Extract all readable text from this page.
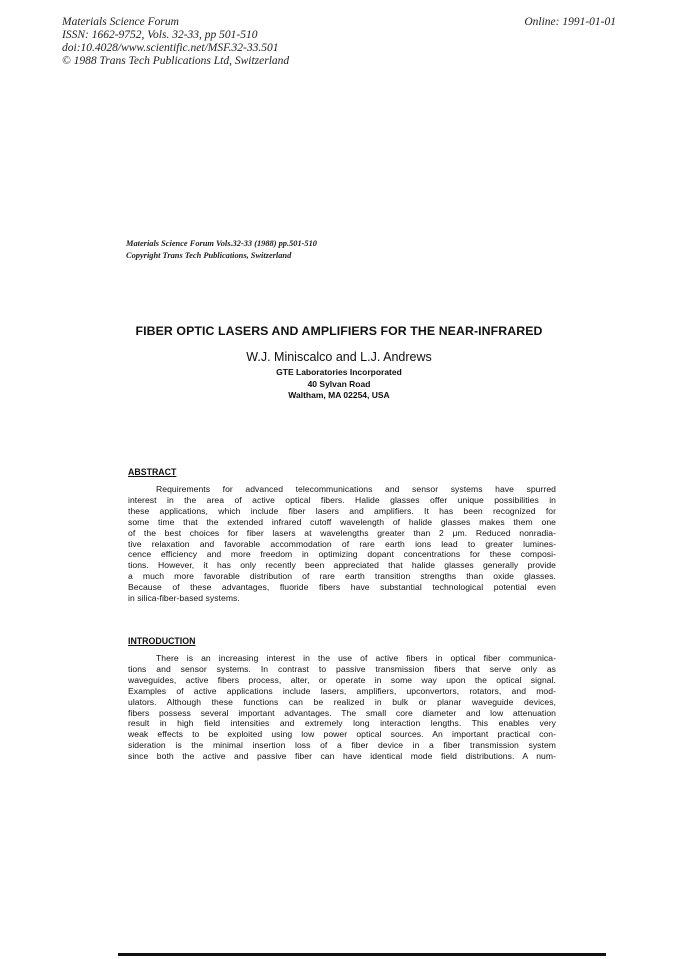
Materials Science Forum
ISSN: 1662-9752, Vols. 32-33, pp 501-510
doi:10.4028/www.scientific.net/MSF.32-33.501
© 1988 Trans Tech Publications Ltd, Switzerland
Online: 1991-01-01
Materials Science Forum Vols.32-33 (1988) pp.501-510
Copyright Trans Tech Publications, Switzerland
FIBER OPTIC LASERS AND AMPLIFIERS FOR THE NEAR-INFRARED
W.J. Miniscalco and L.J. Andrews
GTE Laboratories Incorporated
40 Sylvan Road
Waltham, MA 02254, USA
ABSTRACT
Requirements for advanced telecommunications and sensor systems have spurred
interest in the area of active optical fibers. Halide glasses offer unique possibilities in
these applications, which include fiber lasers and amplifiers. It has been recognized for
some time that the extended infrared cutoff wavelength of halide glasses makes them one
of the best choices for fiber lasers at wavelengths greater than 2 μm. Reduced nonradia-
tive relaxation and favorable accommodation of rare earth ions lead to greater lumines-
cence efficiency and more freedom in optimizing dopant concentrations for these composi-
tions. However, it has only recently been appreciated that halide glasses generally provide
a much more favorable distribution of rare earth transition strengths than oxide glasses.
Because of these advantages, fluoride fibers have substantial technological potential even
in silica-fiber-based systems.
INTRODUCTION
There is an increasing interest in the use of active fibers in optical fiber communica-
tions and sensor systems. In contrast to passive transmission fibers that serve only as
waveguides, active fibers process, alter, or operate in some way upon the optical signal.
Examples of active applications include lasers, amplifiers, upconvertors, rotators, and mod-
ulators. Although these functions can be realized in bulk or planar waveguide devices,
fibers possess several important advantages. The small core diameter and low attenuation
result in high field intensities and extremely long interaction lengths. This enables very
weak effects to be exploited using low power optical sources. An important practical con-
sideration is the minimal insertion loss of a fiber device in a fiber transmission system
since both the active and passive fiber can have identical mode field distributions. A num-
